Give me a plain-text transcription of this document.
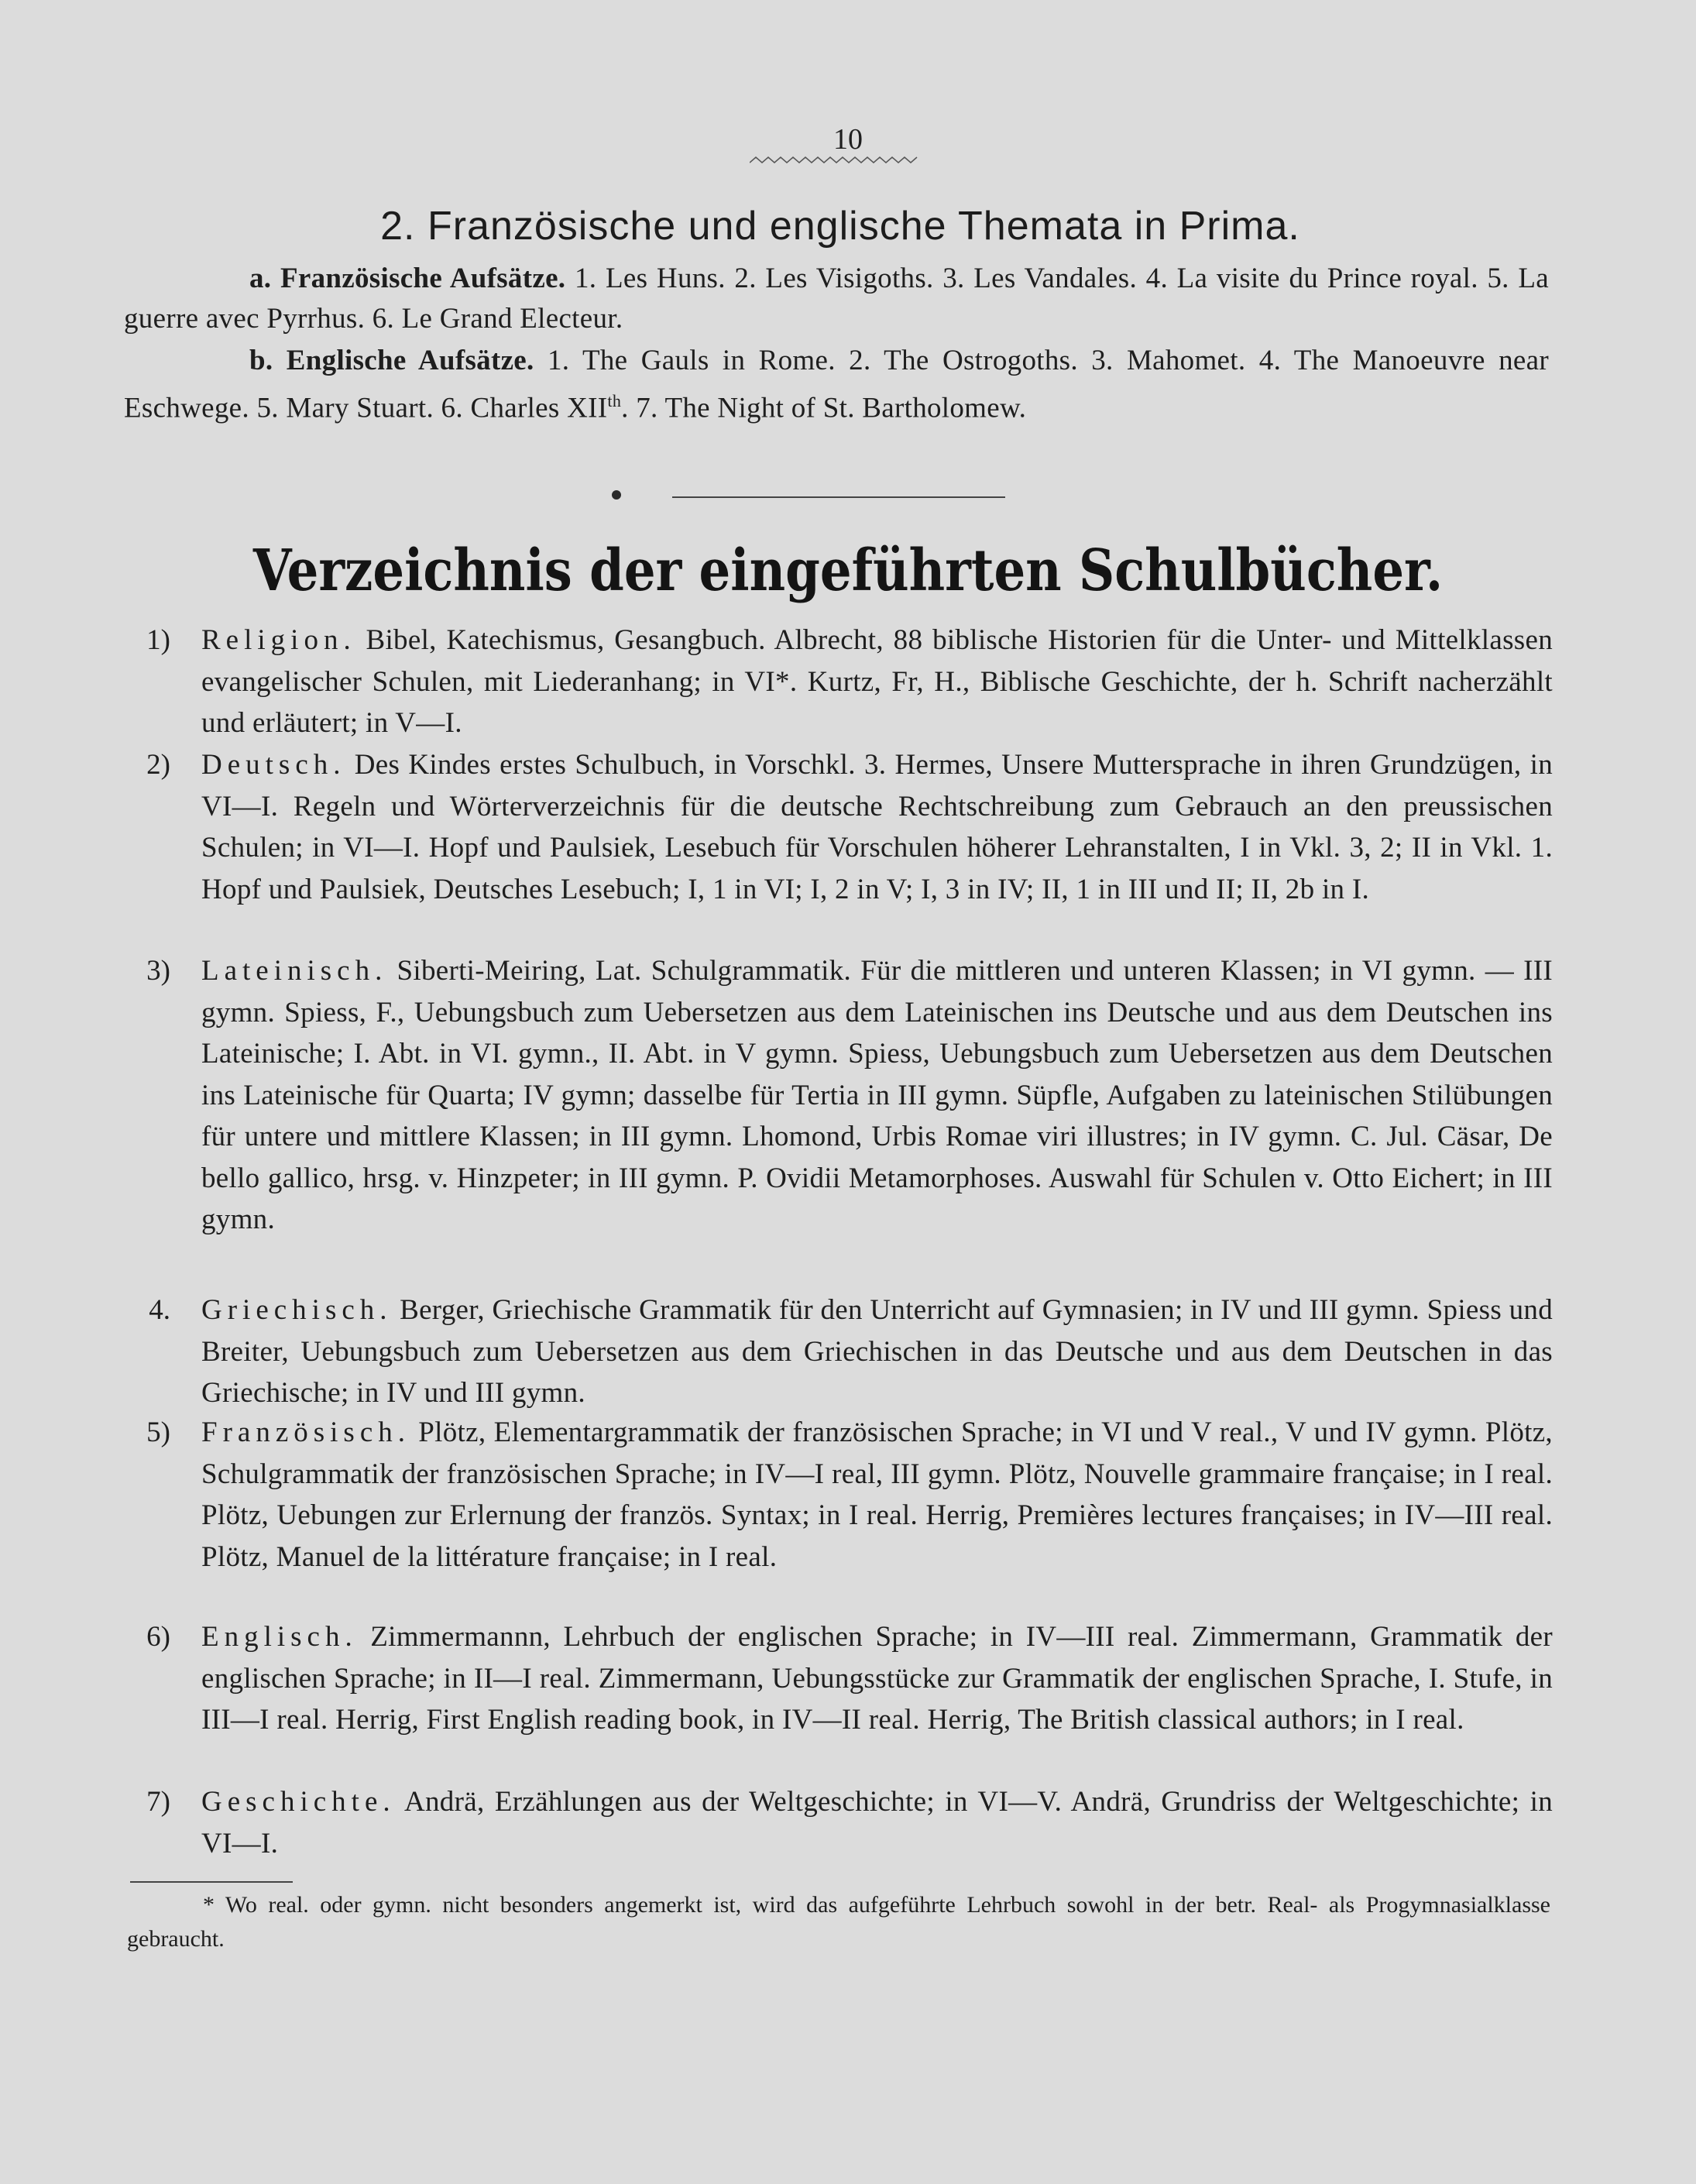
10
2. Französische und englische Themata in Prima.
a. Französische Aufsätze. 1. Les Huns. 2. Les Visigoths. 3. Les Vandales. 4. La visite du Prince royal. 5. La guerre avec Pyrrhus. 6. Le Grand Electeur.
b. Englische Aufsätze. 1. The Gauls in Rome. 2. The Ostrogoths. 3. Mahomet. 4. The Manoeuvre near Eschwege. 5. Mary Stuart. 6. Charles XIIth. 7. The Night of St. Bartholomew.
Verzeichnis der eingeführten Schulbücher.
1) Religion. Bibel, Katechismus, Gesangbuch. Albrecht, 88 biblische Historien für die Unter- und Mittelklassen evangelischer Schulen, mit Liederanhang; in VI*. Kurtz, Fr, H., Biblische Geschichte, der h. Schrift nacherzählt und erläutert; in V—I.
2) Deutsch. Des Kindes erstes Schulbuch, in Vorschkl. 3. Hermes, Unsere Muttersprache in ihren Grundzügen, in VI—I. Regeln und Wörterverzeichnis für die deutsche Rechtschreibung zum Gebrauch an den preussischen Schulen; in VI—I. Hopf und Paulsiek, Lesebuch für Vorschulen höherer Lehranstalten, I in Vkl. 3, 2; II in Vkl. 1. Hopf und Paulsiek, Deutsches Lesebuch; I, 1 in VI; I, 2 in V; I, 3 in IV; II, 1 in III und II; II, 2b in I.
3) Lateinisch. Siberti-Meiring, Lat. Schulgrammatik. Für die mittleren und unteren Klassen; in VI gymn. — III gymn. Spiess, F., Uebungsbuch zum Uebersetzen aus dem Lateinischen ins Deutsche und aus dem Deutschen ins Lateinische; I. Abt. in VI. gymn., II. Abt. in V gymn. Spiess, Uebungsbuch zum Uebersetzen aus dem Deutschen ins Lateinische für Quarta; IV gymn; dasselbe für Tertia in III gymn. Süpfle, Aufgaben zu lateinischen Stilübungen für untere und mittlere Klassen; in III gymn. Lhomond, Urbis Romae viri illustres; in IV gymn. C. Jul. Cäsar, De bello gallico, hrsg. v. Hinzpeter; in III gymn. P. Ovidii Metamorphoses. Auswahl für Schulen v. Otto Eichert; in III gymn.
4. Griechisch. Berger, Griechische Grammatik für den Unterricht auf Gymnasien; in IV und III gymn. Spiess und Breiter, Uebungsbuch zum Uebersetzen aus dem Griechischen in das Deutsche und aus dem Deutschen in das Griechische; in IV und III gymn.
5) Französisch. Plötz, Elementargrammatik der französischen Sprache; in VI und V real., V und IV gymn. Plötz, Schulgrammatik der französischen Sprache; in IV—I real, III gymn. Plötz, Nouvelle grammaire française; in I real. Plötz, Uebungen zur Erlernung der französ. Syntax; in I real. Herrig, Premières lectures françaises; in IV—III real. Plötz, Manuel de la littérature française; in I real.
6) Englisch. Zimmermannn, Lehrbuch der englischen Sprache; in IV—III real. Zimmermann, Grammatik der englischen Sprache; in II—I real. Zimmermann, Uebungsstücke zur Grammatik der englischen Sprache, I. Stufe, in III—I real. Herrig, First English reading book, in IV—II real. Herrig, The British classical authors; in I real.
7) Geschichte. Andrä, Erzählungen aus der Weltgeschichte; in VI—V. Andrä, Grundriss der Weltgeschichte; in VI—I.
* Wo real. oder gymn. nicht besonders angemerkt ist, wird das aufgeführte Lehrbuch sowohl in der betr. Real- als Progymnasialklasse gebraucht.
